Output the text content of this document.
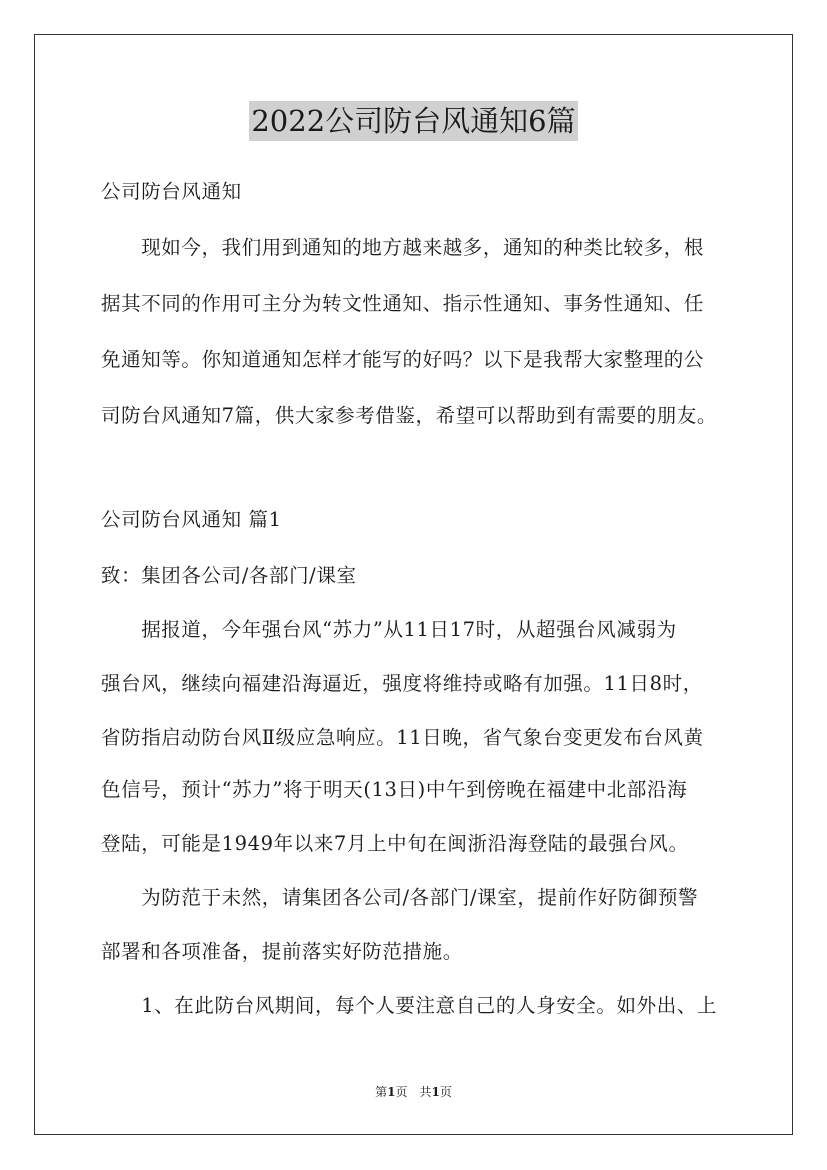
2022公司防台风通知6篇
公司防台风通知
　　现如今，我们用到通知的地方越来越多，通知的种类比较多，根
据其不同的作用可主分为转文性通知、指示性通知、事务性通知、任
免通知等。你知道通知怎样才能写的好吗？以下是我帮大家整理的公
司防台风通知7篇，供大家参考借鉴，希望可以帮助到有需要的朋友。
公司防台风通知 篇1
致：集团各公司/各部门/课室
　　据报道，今年强台风“苏力”从11日17时，从超强台风减弱为
强台风，继续向福建沿海逼近，强度将维持或略有加强。11日8时，
省防指启动防台风Ⅱ级应急响应。11日晚，省气象台变更发布台风黄
色信号，预计“苏力”将于明天(13日)中午到傍晚在福建中北部沿海
登陆，可能是1949年以来7月上中旬在闽浙沿海登陆的最强台风。
　　为防范于未然，请集团各公司/各部门/课室，提前作好防御预警
部署和各项准备，提前落实好防范措施。
　　1、在此防台风期间，每个人要注意自己的人身安全。如外出、上
第1页　共1页
